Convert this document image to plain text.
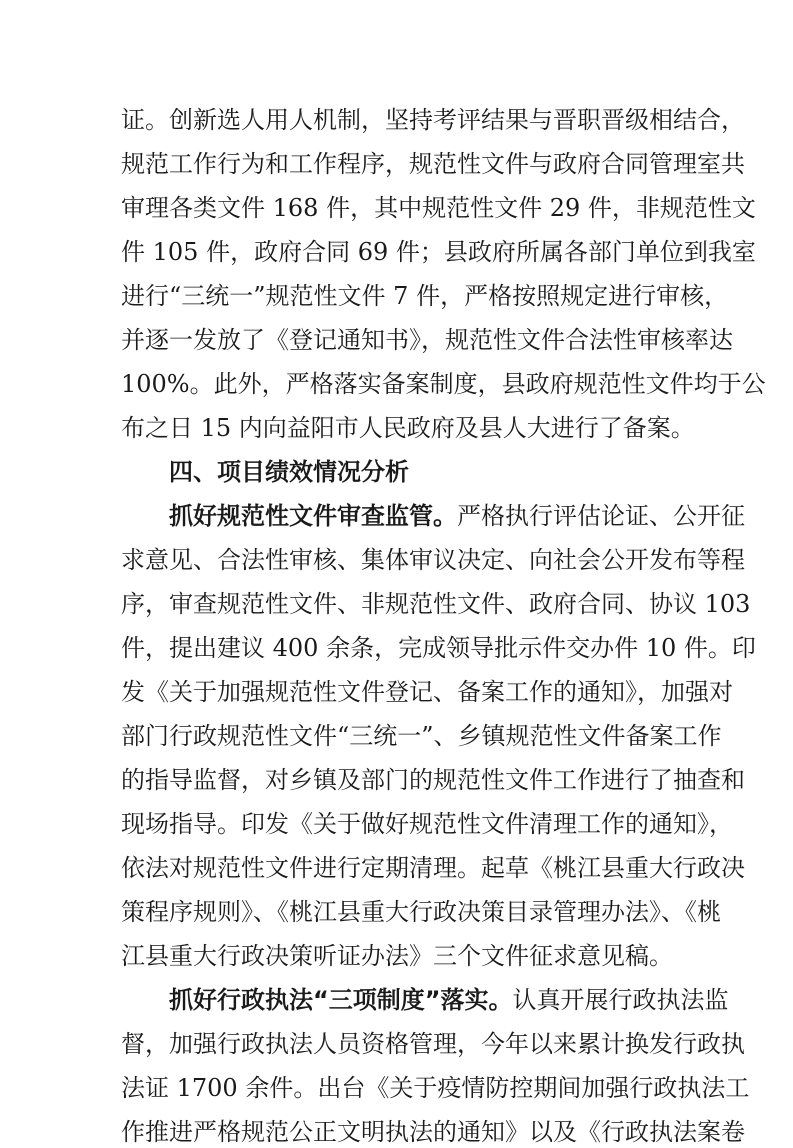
证。创新选人用人机制，坚持考评结果与晋职晋级相结合，
规范工作行为和工作程序，规范性文件与政府合同管理室共
审理各类文件 168 件，其中规范性文件 29 件，非规范性文
件 105 件，政府合同 69 件；县政府所属各部门单位到我室
进行“三统一”规范性文件 7 件，严格按照规定进行审核，
并逐一发放了《登记通知书》，规范性文件合法性审核率达
100%。此外，严格落实备案制度，县政府规范性文件均于公
布之日 15 内向益阳市人民政府及县人大进行了备案。
四、项目绩效情况分析
抓好规范性文件审查监管。严格执行评估论证、公开征
求意见、合法性审核、集体审议决定、向社会公开发布等程
序，审查规范性文件、非规范性文件、政府合同、协议 103
件，提出建议 400 余条，完成领导批示件交办件 10 件。印
发《关于加强规范性文件登记、备案工作的通知》，加强对
部门行政规范性文件“三统一”、乡镇规范性文件备案工作
的指导监督，对乡镇及部门的规范性文件工作进行了抽查和
现场指导。印发《关于做好规范性文件清理工作的通知》，
依法对规范性文件进行定期清理。起草《桃江县重大行政决
策程序规则》、《桃江县重大行政决策目录管理办法》、《桃
江县重大行政决策听证办法》三个文件征求意见稿。
抓好行政执法“三项制度”落实。认真开展行政执法监
督，加强行政执法人员资格管理，今年以来累计换发行政执
法证 1700 余件。出台《关于疫情防控期间加强行政执法工
作推进严格规范公正文明执法的通知》以及《行政执法案卷
